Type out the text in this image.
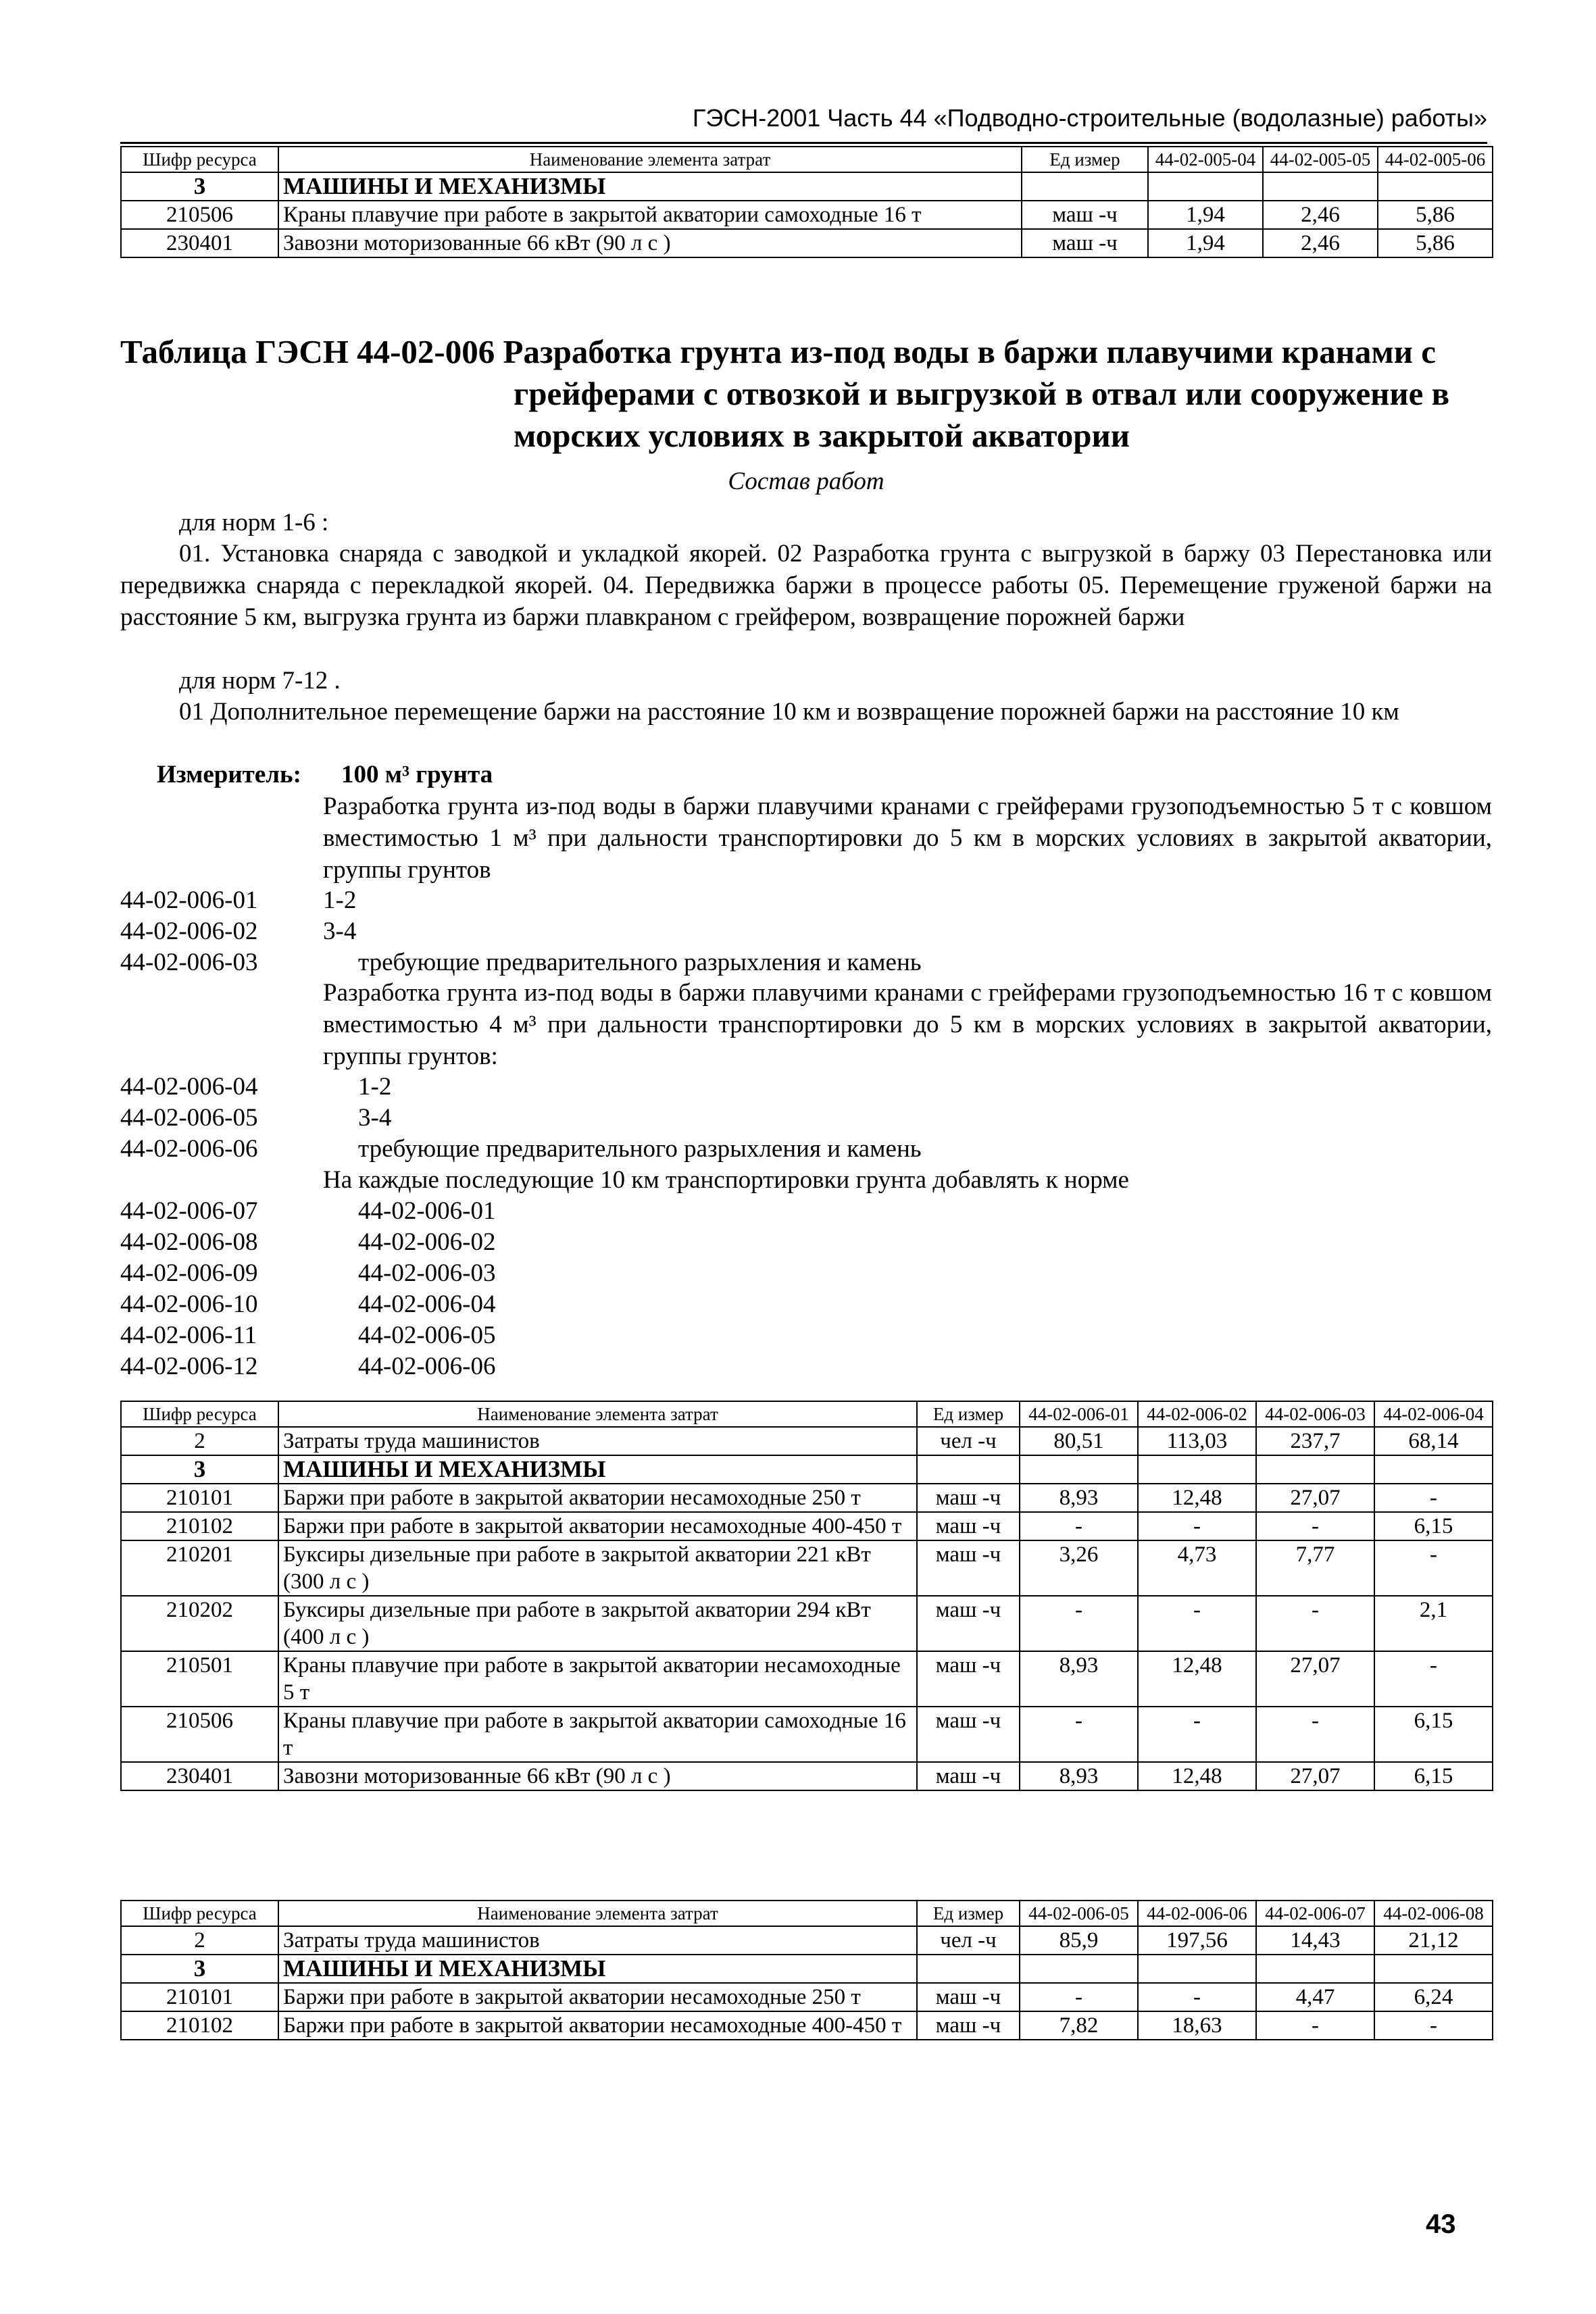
ГЭСН-2001 Часть 44 «Подводно-строительные (водолазные) работы»
Шифр ресурса	Наименование элемента затрат	Ед измер	44-02-005-04	44-02-005-05	44-02-005-06
3	МАШИНЫ И МЕХАНИЗМЫ				
210506	Краны плавучие при работе в закрытой акватории самоходные 16 т	маш -ч	1,94	2,46	5,86
230401	Завозни моторизованные 66 кВт (90 л с )	маш -ч	1,94	2,46	5,86
Таблица ГЭСН 44-02-006 Разработка грунта из-под воды в баржи плавучими кранами с
грейферами с отвозкой и выгрузкой в отвал или сооружение в
морских условиях в закрытой акватории
Состав работ
для норм 1-6 :
01. Установка снаряда с заводкой и укладкой якорей. 02 Разработка грунта с выгрузкой в баржу 03 Перестановка или передвижка снаряда с перекладкой якорей. 04. Передвижка баржи в процессе работы 05. Перемещение груженой баржи на расстояние 5 км, выгрузка грунта из баржи плавкраном с грейфером, возвращение порожней баржи
для норм 7-12 .
01 Дополнительное перемещение баржи на расстояние 10 км и возвращение порожней баржи на расстояние 10 км
Измеритель: 100 м³ грунта
Разработка грунта из-под воды в баржи плавучими кранами с грейферами грузоподъемностью 5 т с ковшом вместимостью 1 м³ при дальности транспортировки до 5 км в морских условиях в закрытой акватории, группы грунтов
44-02-006-01	1-2
44-02-006-02	3-4
44-02-006-03	требующие предварительного разрыхления и камень
44-02-006-04	1-2
44-02-006-05	3-4
44-02-006-06	требующие предварительного разрыхления и камень
44-02-006-07	44-02-006-01
44-02-006-08	44-02-006-02
44-02-006-09	44-02-006-03
44-02-006-10	44-02-006-04
44-02-006-11	44-02-006-05
44-02-006-12	44-02-006-06
Разработка грунта из-под воды в баржи плавучими кранами с грейферами грузоподъемностью 16 т с ковшом вместимостью 4 м³ при дальности транспортировки до 5 км в морских условиях в закрытой акватории, группы грунтов:
На каждые последующие 10 км транспортировки грунта добавлять к норме
Шифр ресурса	Наименование элемента затрат	Ед измер	44-02-006-01	44-02-006-02	44-02-006-03	44-02-006-04
2	Затраты труда машинистов	чел -ч	80,51	113,03	237,7	68,14
3	МАШИНЫ И МЕХАНИЗМЫ					
210101	Баржи при работе в закрытой акватории несамоходные 250 т	маш -ч	8,93	12,48	27,07	-
210102	Баржи при работе в закрытой акватории несамоходные 400-450 т	маш -ч	-	-	-	6,15
210201	Буксиры дизельные при работе в закрытой акватории 221 кВт (300 л с )	маш -ч	3,26	4,73	7,77	-
210202	Буксиры дизельные при работе в закрытой акватории 294 кВт (400 л с )	маш -ч	-	-	-	2,1
210501	Краны плавучие при работе в закрытой акватории несамоходные 5 т	маш -ч	8,93	12,48	27,07	-
210506	Краны плавучие при работе в закрытой акватории самоходные 16 т	маш -ч	-	-	-	6,15
230401	Завозни моторизованные 66 кВт (90 л с )	маш -ч	8,93	12,48	27,07	6,15
Шифр ресурса	Наименование элемента затрат	Ед измер	44-02-006-05	44-02-006-06	44-02-006-07	44-02-006-08
2	Затраты труда машинистов	чел -ч	85,9	197,56	14,43	21,12
3	МАШИНЫ И МЕХАНИЗМЫ					
210101	Баржи при работе в закрытой акватории несамоходные 250 т	маш -ч	-	-	4,47	6,24
210102	Баржи при работе в закрытой акватории несамоходные 400-450 т	маш -ч	7,82	18,63	-	-
43
